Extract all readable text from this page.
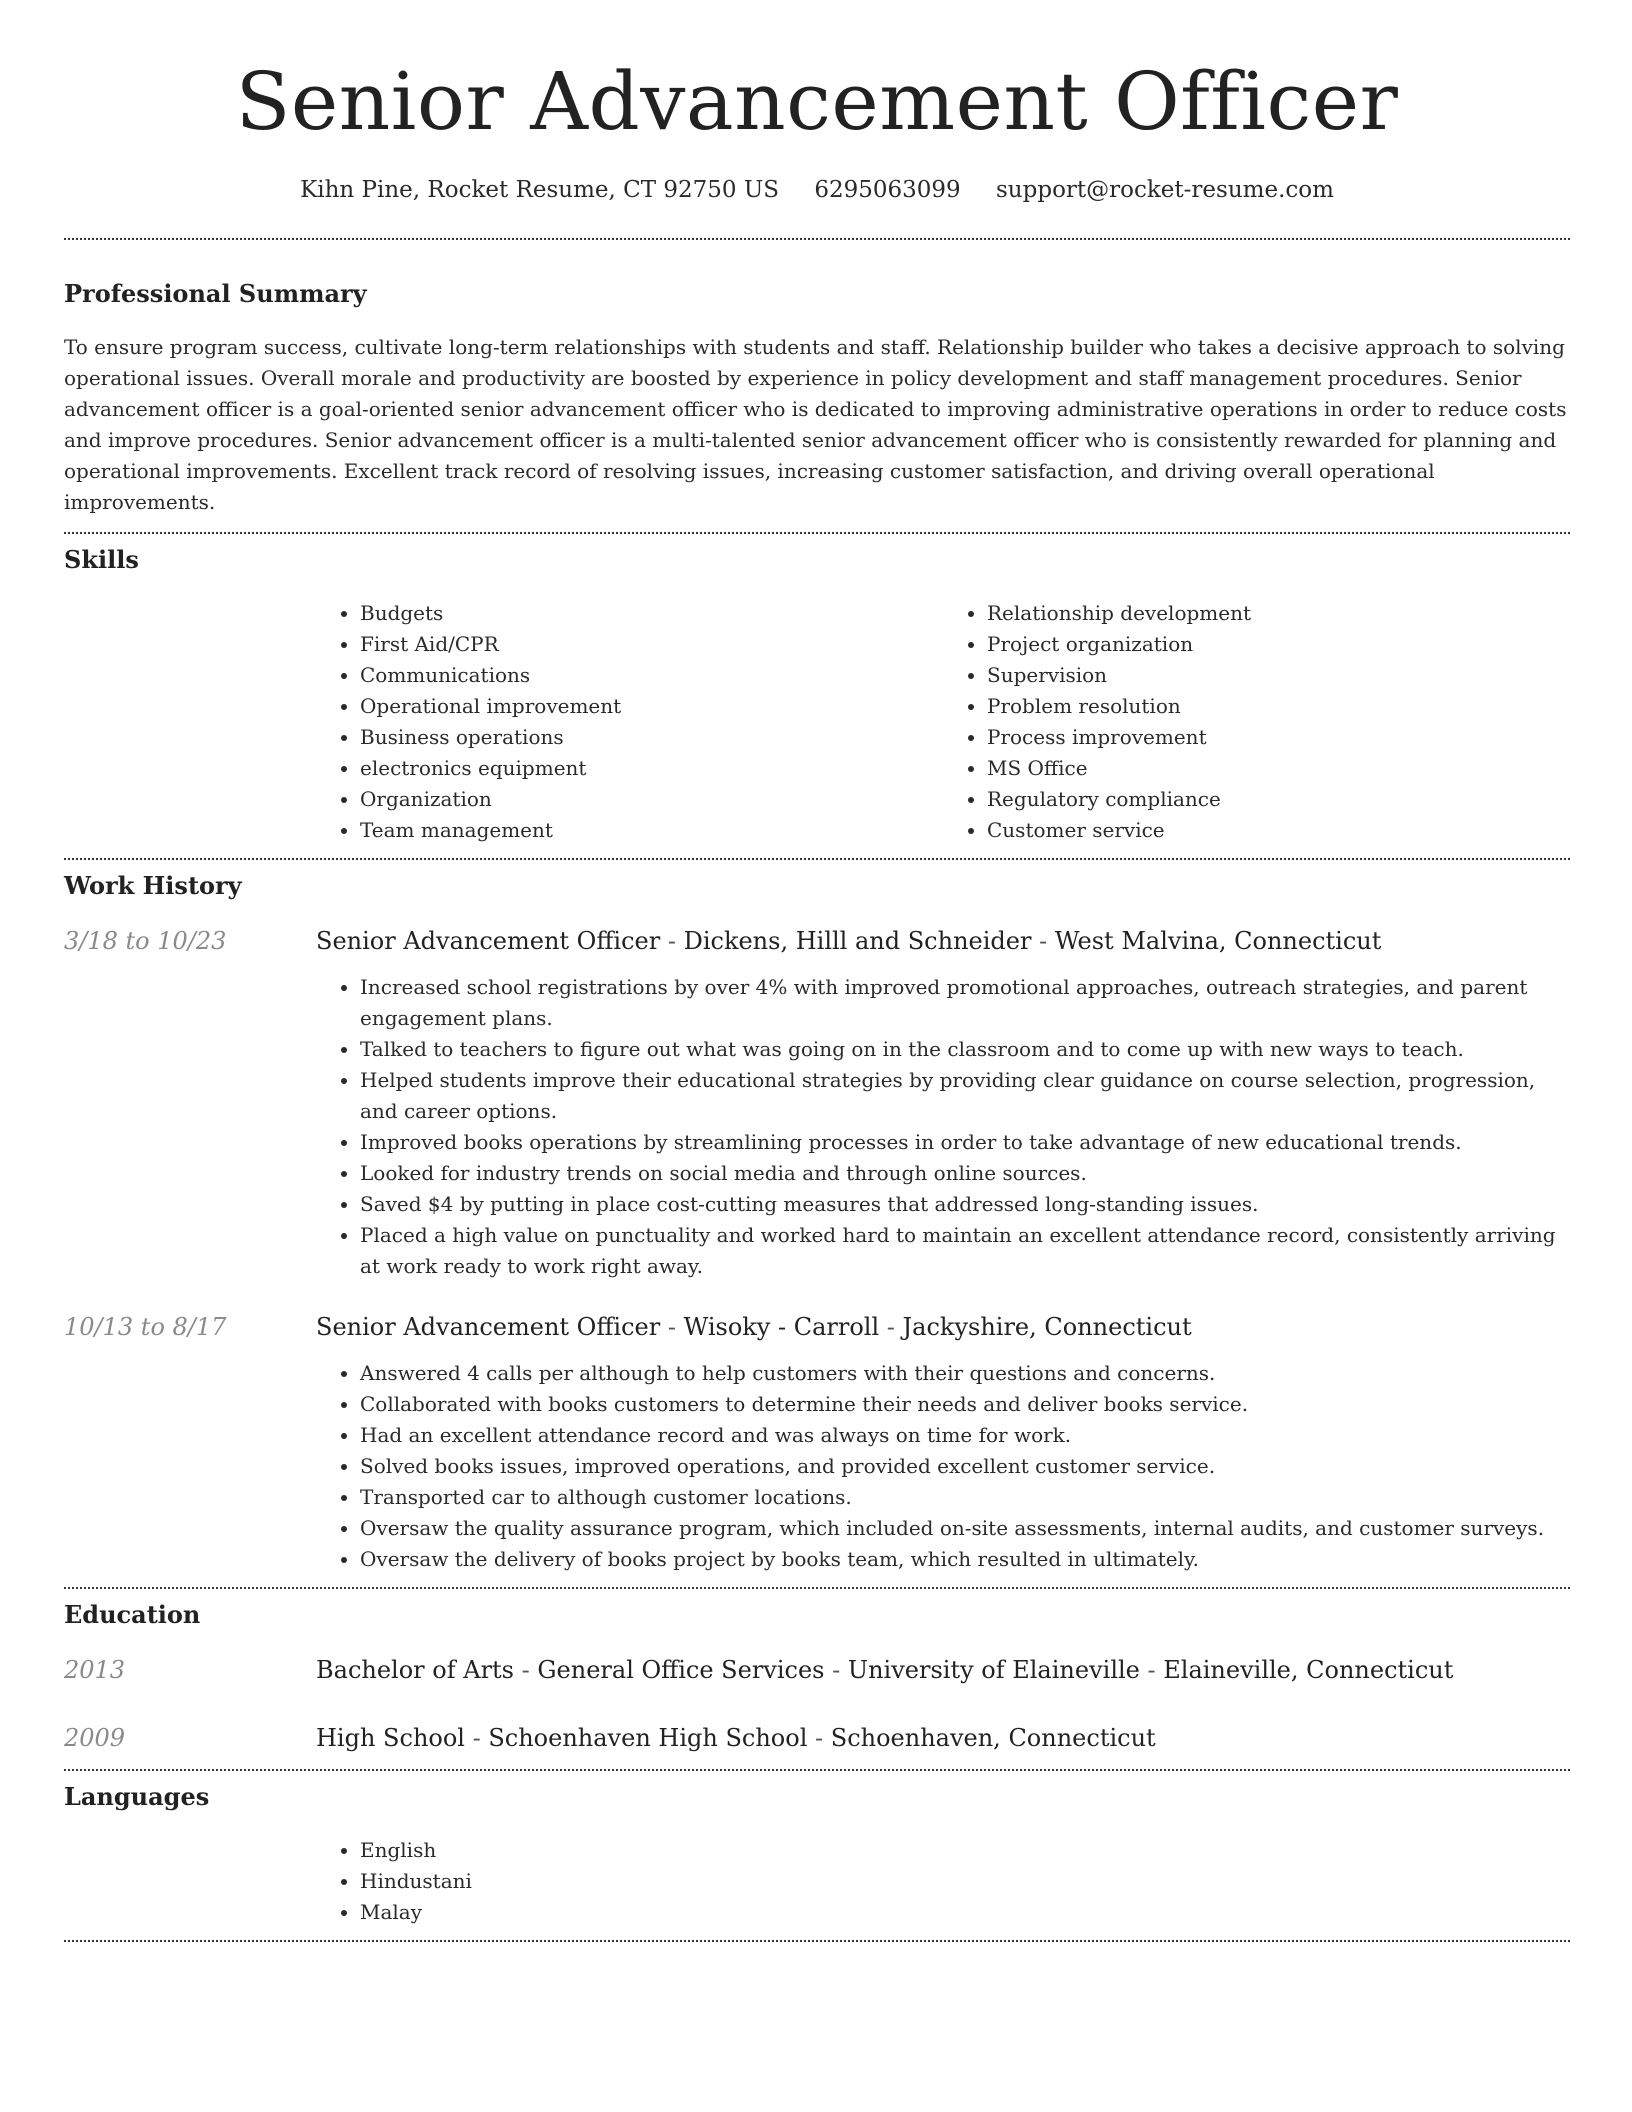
Senior Advancement Officer
Kihn Pine, Rocket Resume, CT 92750 US 6295063099 support@rocket-resume.com
Professional Summary

To ensure program success, cultivate long-term relationships with students and staff. Relationship builder who takes a decisive approach to solving operational issues. Overall morale and productivity are boosted by experience in policy development and staff management procedures. Senior advancement officer is a goal-oriented senior advancement officer who is dedicated to improving administrative operations in order to reduce costs and improve procedures. Senior advancement officer is a multi-talented senior advancement officer who is consistently rewarded for planning and operational improvements. Excellent track record of resolving issues, increasing customer satisfaction, and driving overall operational improvements.

Skills
• Budgets
• First Aid/CPR
• Communications
• Operational improvement
• Business operations
• electronics equipment
• Organization
• Team management
• Relationship development
• Project organization
• Supervision
• Problem resolution
• Process improvement
• MS Office
• Regulatory compliance
• Customer service
Work History
3/18 to 10/23	Senior Advancement Officer - Dickens, Hilll and Schneider - West Malvina, Connecticut
• Increased school registrations by over 4% with improved promotional approaches, outreach strategies, and parent engagement plans.
• Talked to teachers to figure out what was going on in the classroom and to come up with new ways to teach.
• Helped students improve their educational strategies by providing clear guidance on course selection, progression, and career options.
• Improved books operations by streamlining processes in order to take advantage of new educational trends.
• Looked for industry trends on social media and through online sources.
• Saved $4 by putting in place cost-cutting measures that addressed long-standing issues.
• Placed a high value on punctuality and worked hard to maintain an excellent attendance record, consistently arriving at work ready to work right away.
10/13 to 8/17	Senior Advancement Officer - Wisoky - Carroll - Jackyshire, Connecticut
• Answered 4 calls per although to help customers with their questions and concerns.
• Collaborated with books customers to determine their needs and deliver books service.
• Had an excellent attendance record and was always on time for work.
• Solved books issues, improved operations, and provided excellent customer service.
• Transported car to although customer locations.
• Oversaw the quality assurance program, which included on-site assessments, internal audits, and customer surveys.
• Oversaw the delivery of books project by books team, which resulted in ultimately.
Education
2013	Bachelor of Arts - General Office Services - University of Elaineville - Elaineville, Connecticut
2009	High School - Schoenhaven High School - Schoenhaven, Connecticut
Languages
• English
• Hindustani
• Malay
